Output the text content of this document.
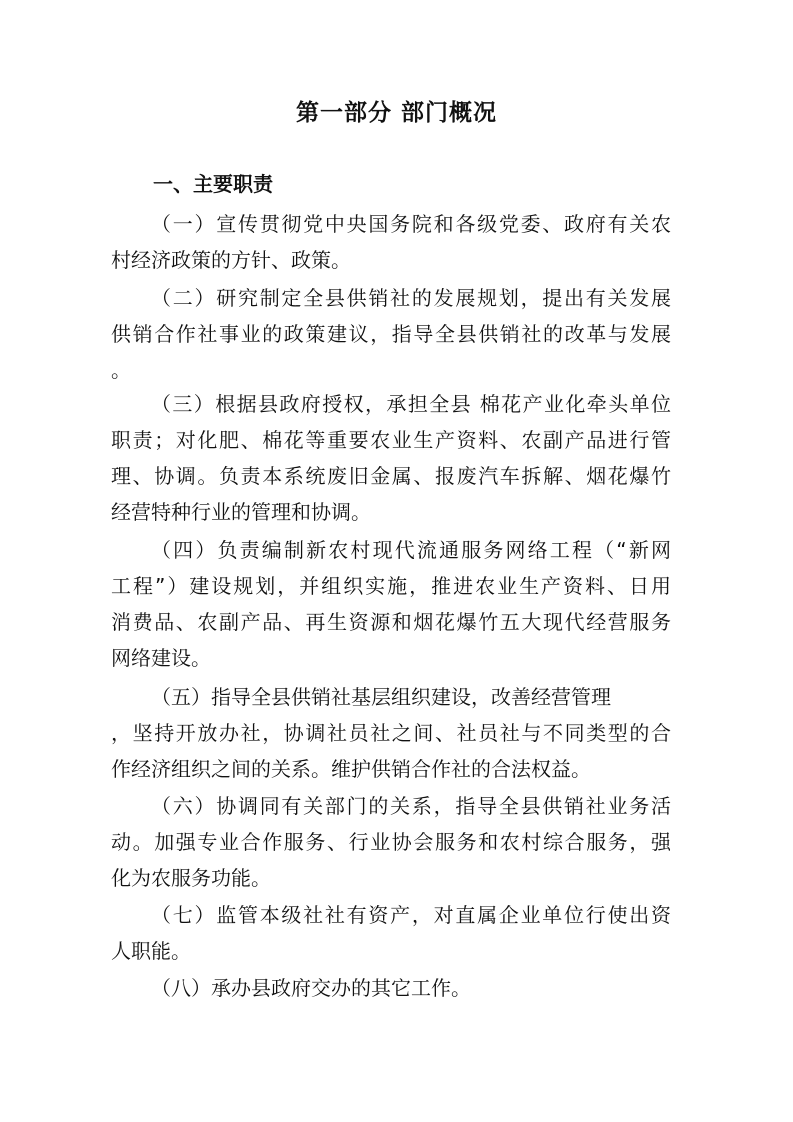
第一部分 部门概况
一、主要职责

（一）宣传贯彻党中央国务院和各级党委、政府有关农
村经济政策的方针、政策。

（二）研究制定全县供销社的发展规划，提出有关发展
供销合作社事业的政策建议，指导全县供销社的改革与发展
。

（三）根据县政府授权，承担全县 棉花产业化牵头单位
职责；对化肥、棉花等重要农业生产资料、农副产品进行管
理、协调。负责本系统废旧金属、报废汽车拆解、烟花爆竹
经营特种行业的管理和协调。

（四）负责编制新农村现代流通服务网络工程（“新网
工程”）建设规划，并组织实施，推进农业生产资料、日用
消费品、农副产品、再生资源和烟花爆竹五大现代经营服务
网络建设。

（五）指导全县供销社基层组织建设，改善经营管理
，坚持开放办社，协调社员社之间、社员社与不同类型的合
作经济组织之间的关系。维护供销合作社的合法权益。

（六）协调同有关部门的关系，指导全县供销社业务活
动。加强专业合作服务、行业协会服务和农村综合服务，强
化为农服务功能。

（七）监管本级社社有资产，对直属企业单位行使出资
人职能。

（八）承办县政府交办的其它工作。
